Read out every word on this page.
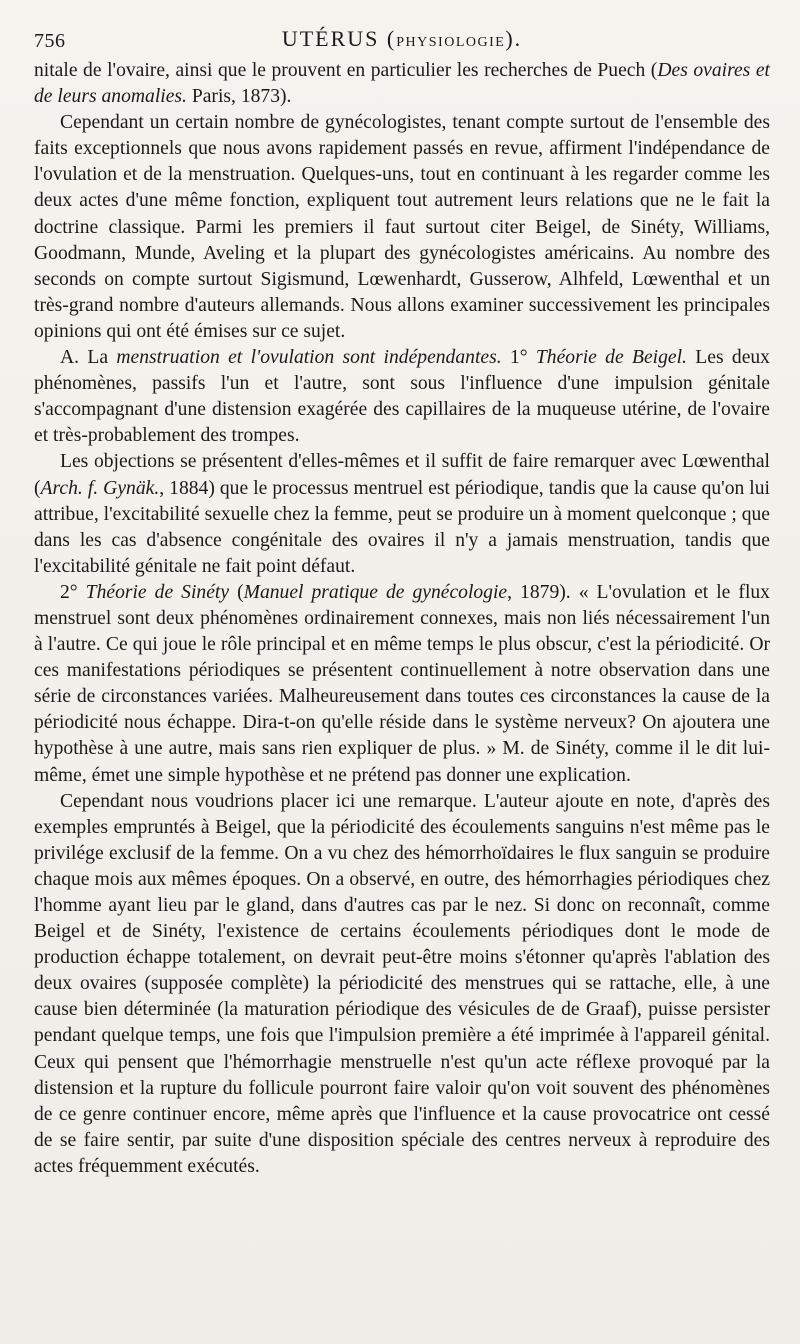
756	UTÉRUS (PHYSIOLOGIE).

nitale de l'ovaire, ainsi que le prouvent en particulier les recherches de Puech (Des ovaires et de leurs anomalies. Paris, 1873).

Cependant un certain nombre de gynécologistes, tenant compte surtout de l'ensemble des faits exceptionnels que nous avons rapidement passés en revue, affirment l'indépendance de l'ovulation et de la menstruation. Quelques-uns, tout en continuant à les regarder comme les deux actes d'une même fonction, expliquent tout autrement leurs relations que ne le fait la doctrine classique. Parmi les premiers il faut surtout citer Beigel, de Sinéty, Williams, Goodmann, Munde, Aveling et la plupart des gynécologistes américains. Au nombre des seconds on compte surtout Sigismund, Lœwenhardt, Gusserow, Alhfeld, Lœwenthal et un très-grand nombre d'auteurs allemands. Nous allons examiner successivement les principales opinions qui ont été émises sur ce sujet.

A. La menstruation et l'ovulation sont indépendantes. 1° Théorie de Beigel. Les deux phénomènes, passifs l'un et l'autre, sont sous l'influence d'une impulsion génitale s'accompagnant d'une distension exagérée des capillaires de la muqueuse utérine, de l'ovaire et très-probablement des trompes.

Les objections se présentent d'elles-mêmes et il suffit de faire remarquer avec Lœwenthal (Arch. f. Gynäk., 1884) que le processus mentruel est périodique, tandis que la cause qu'on lui attribue, l'excitabilité sexuelle chez la femme, peut se produire un à moment quelconque ; que dans les cas d'absence congénitale des ovaires il n'y a jamais menstruation, tandis que l'excitabilité génitale ne fait point défaut.

2° Théorie de Sinéty (Manuel pratique de gynécologie, 1879). « L'ovulation et le flux menstruel sont deux phénomènes ordinairement connexes, mais non liés nécessairement l'un à l'autre. Ce qui joue le rôle principal et en même temps le plus obscur, c'est la périodicité. Or ces manifestations périodiques se présentent continuellement à notre observation dans une série de circonstances variées. Malheureusement dans toutes ces circonstances la cause de la périodicité nous échappe. Dira-t-on qu'elle réside dans le système nerveux? On ajoutera une hypothèse à une autre, mais sans rien expliquer de plus. » M. de Sinéty, comme il le dit lui-même, émet une simple hypothèse et ne prétend pas donner une explication.

Cependant nous voudrions placer ici une remarque. L'auteur ajoute en note, d'après des exemples empruntés à Beigel, que la périodicité des écoulements sanguins n'est même pas le privilége exclusif de la femme. On a vu chez des hémorrhoïdaires le flux sanguin se produire chaque mois aux mêmes époques. On a observé, en outre, des hémorrhagies périodiques chez l'homme ayant lieu par le gland, dans d'autres cas par le nez. Si donc on reconnaît, comme Beigel et de Sinéty, l'existence de certains écoulements périodiques dont le mode de production échappe totalement, on devrait peut-être moins s'étonner qu'après l'ablation des deux ovaires (supposée complète) la périodicité des menstrues qui se rattache, elle, à une cause bien déterminée (la maturation périodique des vésicules de de Graaf), puisse persister pendant quelque temps, une fois que l'impulsion première a été imprimée à l'appareil génital. Ceux qui pensent que l'hémorrhagie menstruelle n'est qu'un acte réflexe provoqué par la distension et la rupture du follicule pourront faire valoir qu'on voit souvent des phénomènes de ce genre continuer encore, même après que l'influence et la cause provocatrice ont cessé de se faire sentir, par suite d'une disposition spéciale des centres nerveux à reproduire des actes fréquemment exécutés.
